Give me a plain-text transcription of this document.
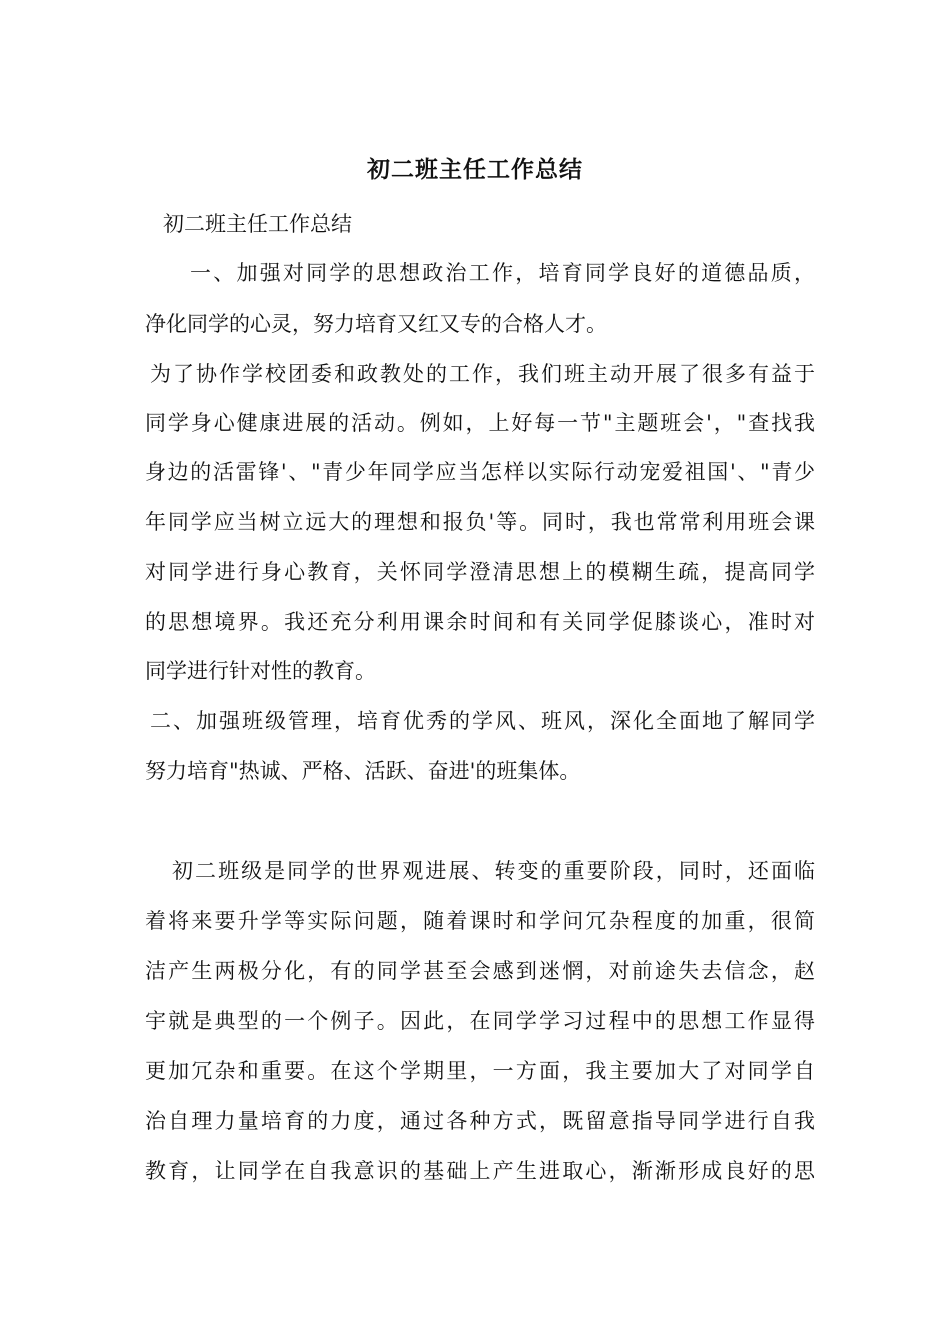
初二班主任工作总结
初二班主任工作总结
一、加强对同学的思想政治工作，培育同学良好的道德品质，
净化同学的心灵，努力培育又红又专的合格人才。
为了协作学校团委和政教处的工作，我们班主动开展了很多有益于
同学身心健康进展的活动。例如，上好每一节"主题班会'，"查找我
身边的活雷锋'、"青少年同学应当怎样以实际行动宠爱祖国'、"青少
年同学应当树立远大的理想和报负'等。同时，我也常常利用班会课
对同学进行身心教育，关怀同学澄清思想上的模糊生疏，提高同学
的思想境界。我还充分利用课余时间和有关同学促膝谈心，准时对
同学进行针对性的教育。
二、加强班级管理，培育优秀的学风、班风，深化全面地了解同学
努力培育"热诚、严格、活跃、奋进'的班集体。
初二班级是同学的世界观进展、转变的重要阶段，同时，还面临
着将来要升学等实际问题，随着课时和学问冗杂程度的加重，很简
洁产生两极分化，有的同学甚至会感到迷惘，对前途失去信念，赵
宇就是典型的一个例子。因此，在同学学习过程中的思想工作显得
更加冗杂和重要。在这个学期里，一方面，我主要加大了对同学自
治自理力量培育的力度，通过各种方式，既留意指导同学进行自我
教育，让同学在自我意识的基础上产生进取心，渐渐形成良好的思
